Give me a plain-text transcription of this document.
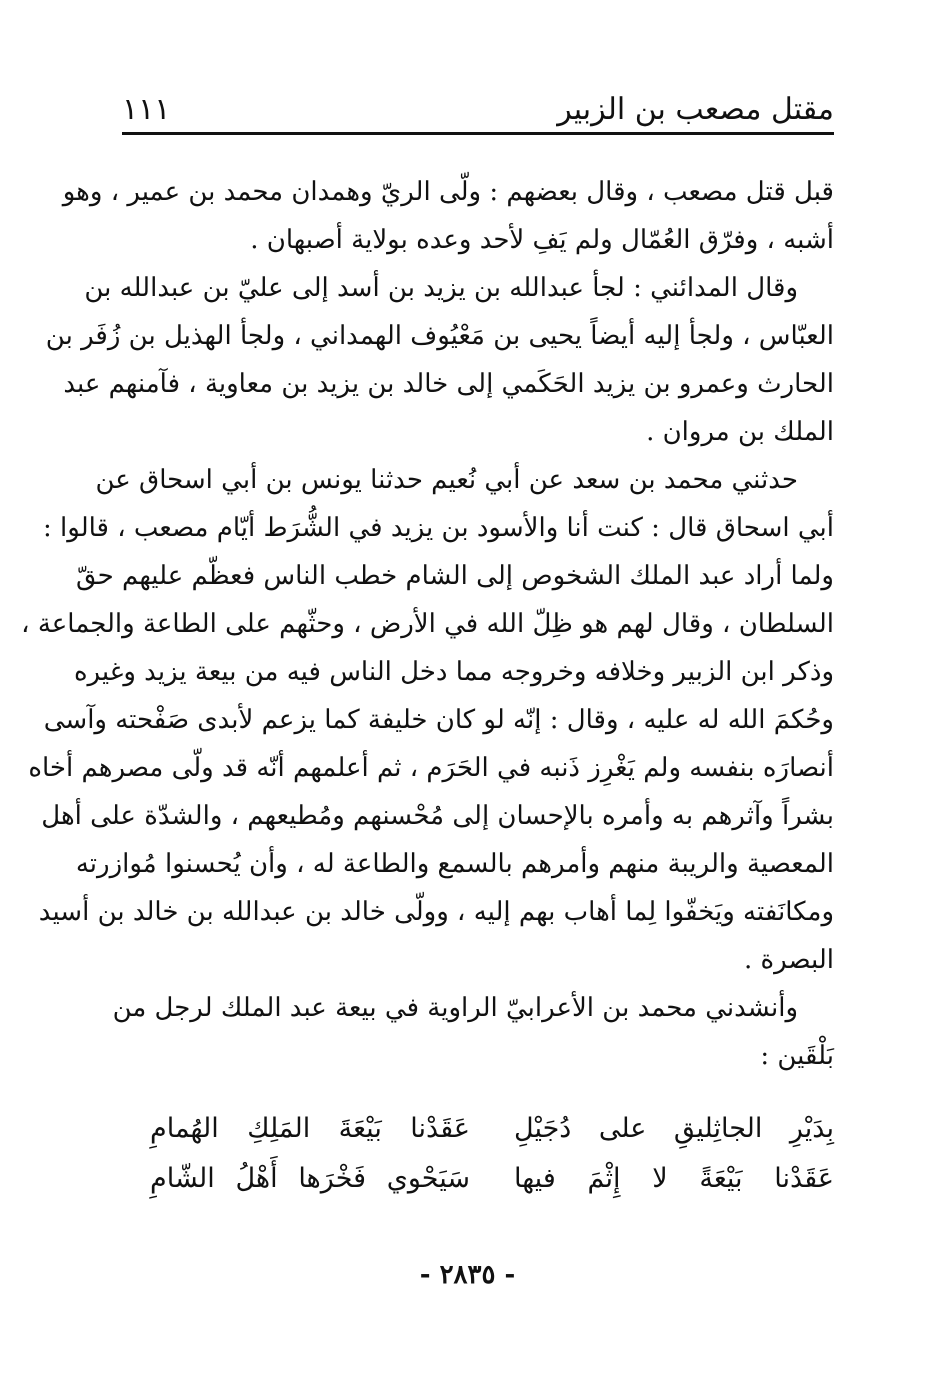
مقتل مصعب بن الزبير
١١١
قبل قتل مصعب ، وقال بعضهم : ولّى الريّ وهمدان محمد بن عمير ، وهو
أشبه ، وفرّق العُمّال ولم يَفِ لأحد وعده بولاية أصبهان .
وقال المدائني : لجأ عبدالله بن يزيد بن أسد إلى عليّ بن عبدالله بن
العبّاس ، ولجأ إليه أيضاً يحيى بن مَعْيُوف الهمداني ، ولجأ الهذيل بن زُفَر بن
الحارث وعمرو بن يزيد الحَكَمي إلى خالد بن يزيد بن معاوية ، فآمنهم عبد
الملك بن مروان .
حدثني محمد بن سعد عن أبي نُعيم حدثنا يونس بن أبي اسحاق عن
أبي اسحاق قال : كنت أنا والأسود بن يزيد في الشُّرَط أيّام مصعب ، قالوا :
ولما أراد عبد الملك الشخوص إلى الشام خطب الناس فعظّم عليهم حقّ
السلطان ، وقال لهم هو ظِلّ الله في الأرض ، وحثّهم على الطاعة والجماعة ،
وذكر ابن الزبير وخلافه وخروجه مما دخل الناس فيه من بيعة يزيد وغيره
وحُكمَ الله له عليه ، وقال : إنّه لو كان خليفة كما يزعم لأبدى صَفْحته وآسى
أنصارَه بنفسه ولم يَغْرِز ذَنبه في الحَرَم ، ثم أعلمهم أنّه قد ولّى مصرهم أخاه
بشراً وآثرهم به وأمره بالإحسان إلى مُحْسنهم ومُطيعهم ، والشدّة على أهل
المعصية والريبة منهم وأمرهم بالسمع والطاعة له ، وأن يُحسنوا مُوازرته
ومكانَفته ويَخفّوا لِما أهاب بهم إليه ، وولّى خالد بن عبدالله بن خالد بن أسيد
البصرة .
وأنشدني محمد بن الأعرابيّ الراوية في بيعة عبد الملك لرجل من
بَلْقَين :
بِدَيْرِ الجاثِليقِ على دُجَيْلِ
عَقَدْنا بَيْعَةَ المَلِكِ الهُمامِ
عَقَدْنا بَيْعَةً لا إِثْمَ فيها
سَيَحْوي فَخْرَها أَهْلُ الشّامِ
- ٢٨٣٥ -
